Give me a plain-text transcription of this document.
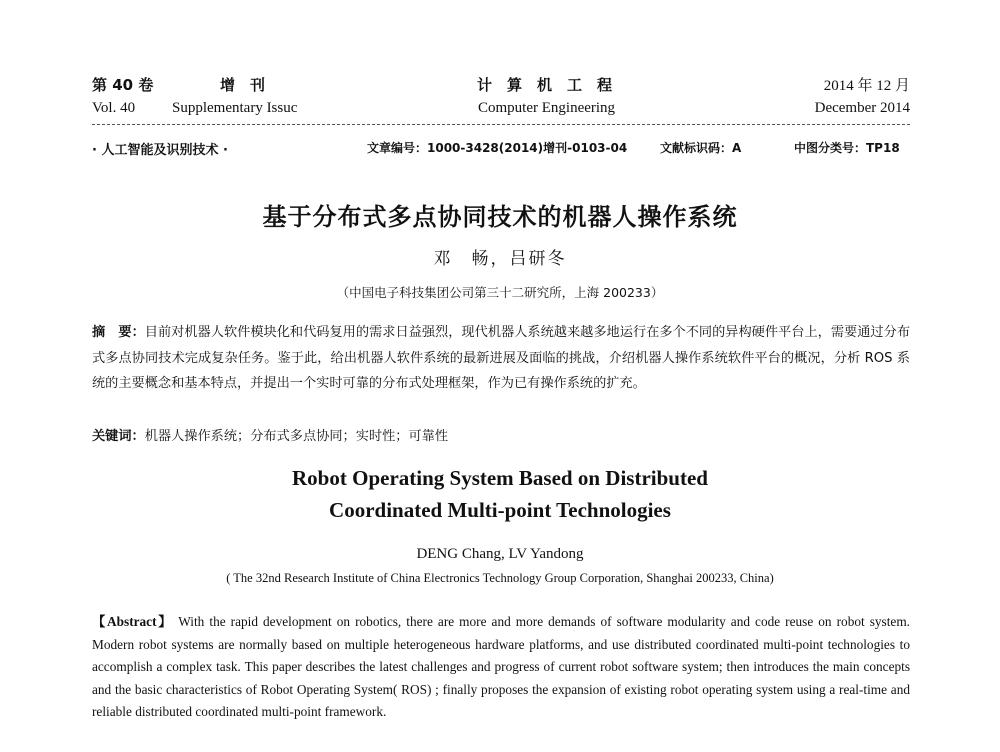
第 40 卷	增　刊	计　算　机　工　程	2014 年 12 月
Vol. 40 Supplementary Issuc	Computer Engineering	December 2014
· 人工智能及识别技术 ·	文章编号：1000-3428(2014)增刊-0103-04	文献标识码：A	中图分类号：TP18
基于分布式多点协同技术的机器人操作系统
邓　畅，吕研冬
（中国电子科技集团公司第三十二研究所，上海 200233）
摘　要：目前对机器人软件模块化和代码复用的需求日益强烈，现代机器人系统越来越多地运行在多个不同的异构硬件平台上，需要通过分布式多点协同技术完成复杂任务。鉴于此，给出机器人软件系统的最新进展及面临的挑战，介绍机器人操作系统软件平台的概况，分析 ROS 系统的主要概念和基本特点，并提出一个实时可靠的分布式处理框架，作为已有操作系统的扩充。
关键词：机器人操作系统；分布式多点协同；实时性；可靠性
Robot Operating System Based on Distributed
Coordinated Multi-point Technologies
DENG Chang, LV Yandong
( The 32nd Research Institute of China Electronics Technology Group Corporation, Shanghai 200233, China)
【Abstract】 With the rapid development on robotics, there are more and more demands of software modularity and code reuse on robot system. Modern robot systems are normally based on multiple heterogeneous hardware platforms, and use distributed coordinated multi-point technologies to accomplish a complex task. This paper describes the latest challenges and progress of current robot software system; then introduces the main concepts and the basic characteristics of Robot Operating System( ROS) ; finally proposes the expansion of existing robot operating system using a real-time and reliable distributed coordinated multi-point framework.
